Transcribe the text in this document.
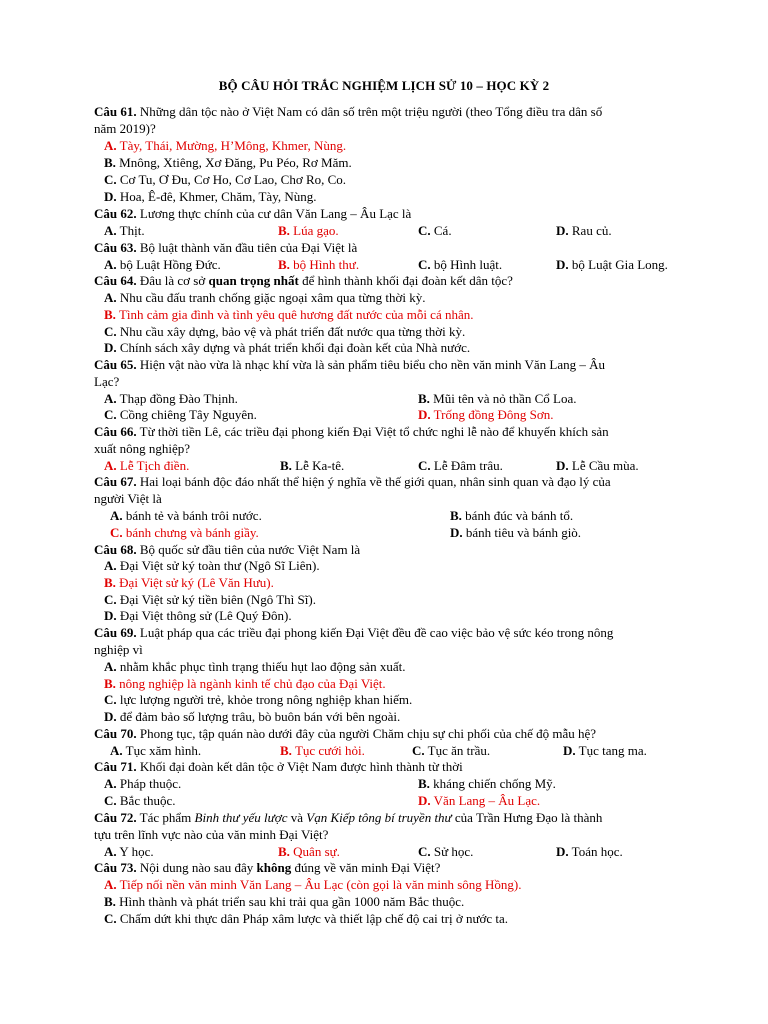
BỘ CÂU HỎI TRẮC NGHIỆM LỊCH SỬ 10 – HỌC KỲ 2
Câu 61. Những dân tộc nào ở Việt Nam có dân số trên một triệu người (theo Tổng điều tra dân số
năm 2019)?
A. Tày, Thái, Mường, H’Mông, Khmer, Nùng.
B. Mnông, Xtiêng, Xơ Đăng, Pu Péo, Rơ Măm.
C. Cơ Tu, Ơ Đu, Cơ Ho, Cơ Lao, Chơ Ro, Co.
D. Hoa, Ê-đê, Khmer, Chăm, Tày, Nùng.
Câu 62. Lương thực chính của cư dân Văn Lang – Âu Lạc là
A. Thịt.	B. Lúa gạo.	C. Cá.	D. Rau củ.
Câu 63. Bộ luật thành văn đầu tiên của Đại Việt là
A. bộ Luật Hồng Đức.	B. bộ Hình thư.	C. bộ Hình luật.	D. bộ Luật Gia Long.
Câu 64. Đâu là cơ sở quan trọng nhất để hình thành khối đại đoàn kết dân tộc?
A. Nhu cầu đấu tranh chống giặc ngoại xâm qua từng thời kỳ.
B. Tình cảm gia đình và tình yêu quê hương đất nước của mỗi cá nhân.
C. Nhu cầu xây dựng, bảo vệ và phát triển đất nước qua từng thời kỳ.
D. Chính sách xây dựng và phát triển khối đại đoàn kết của Nhà nước.
Câu 65. Hiện vật nào vừa là nhạc khí vừa là sản phẩm tiêu biểu cho nền văn minh Văn Lang – Âu
Lạc?
A. Thạp đồng Đào Thịnh.	B. Mũi tên và nỏ thần Cổ Loa.
C. Cồng chiêng Tây Nguyên.	D. Trống đồng Đông Sơn.
Câu 66. Từ thời tiền Lê, các triều đại phong kiến Đại Việt tổ chức nghi lễ nào để khuyến khích sản
xuất nông nghiệp?
A. Lễ Tịch điền.	B. Lễ Ka-tê.	C. Lễ Đâm trâu.	D. Lễ Cầu mùa.
Câu 67. Hai loại bánh độc đáo nhất thể hiện ý nghĩa về thế giới quan, nhân sinh quan và đạo lý của
người Việt là
A. bánh tẻ và bánh trôi nước.	B. bánh đúc và bánh tổ.
C. bánh chưng và bánh giầy.	D. bánh tiêu và bánh giò.
Câu 68. Bộ quốc sử đầu tiên của nước Việt Nam là
A. Đại Việt sử ký toàn thư (Ngô Sĩ Liên).
B. Đại Việt sử ký (Lê Văn Hưu).
C. Đại Việt sử ký tiền biên (Ngô Thì Sĩ).
D. Đại Việt thông sử (Lê Quý Đôn).
Câu 69. Luật pháp qua các triều đại phong kiến Đại Việt đều đề cao việc bảo vệ sức kéo trong nông
nghiệp vì
A. nhằm khắc phục tình trạng thiếu hụt lao động sản xuất.
B. nông nghiệp là ngành kinh tế chủ đạo của Đại Việt.
C. lực lượng người trẻ, khỏe trong nông nghiệp khan hiếm.
D. để đảm bảo số lượng trâu, bò buôn bán với bên ngoài.
Câu 70. Phong tục, tập quán nào dưới đây của người Chăm chịu sự chi phối của chế độ mẫu hệ?
A. Tục xăm hình.	B. Tục cưới hỏi.	C. Tục ăn trầu.	D. Tục tang ma.
Câu 71. Khối đại đoàn kết dân tộc ở Việt Nam được hình thành từ thời
A. Pháp thuộc.	B. kháng chiến chống Mỹ.
C. Bắc thuộc.	D. Văn Lang – Âu Lạc.
Câu 72. Tác phẩm Binh thư yếu lược và Vạn Kiếp tông bí truyền thư của Trần Hưng Đạo là thành
tựu trên lĩnh vực nào của văn minh Đại Việt?
A. Y học.	B. Quân sự.	C. Sử học.	D. Toán học.
Câu 73. Nội dung nào sau đây không đúng về văn minh Đại Việt?
A. Tiếp nối nền văn minh Văn Lang – Âu Lạc (còn gọi là văn minh sông Hồng).
B. Hình thành và phát triển sau khi trải qua gần 1000 năm Bắc thuộc.
C. Chấm dứt khi thực dân Pháp xâm lược và thiết lập chế độ cai trị ở nước ta.
